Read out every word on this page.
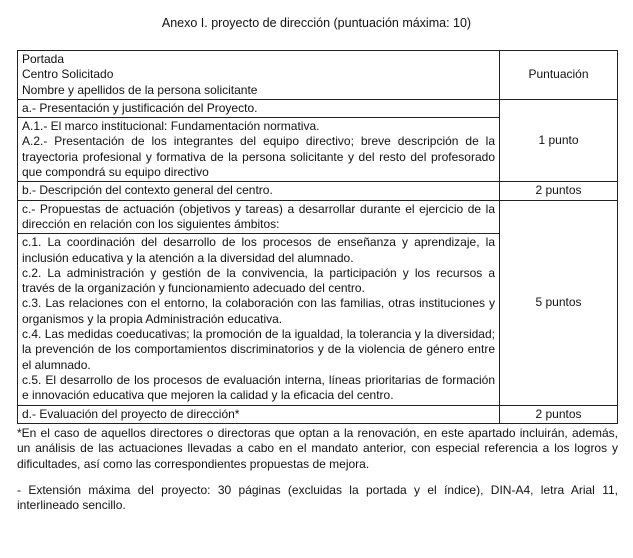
Anexo I. proyecto de dirección (puntuación máxima: 10)

Portada

Centro Solicitado

Nombre y apellidos de la persona solicitante	Puntuación
a.- Presentación y justificación del Proyecto.	1 punto

A.1.- El marco institucional: Fundamentación normativa.

A.2.- Presentación de los integrantes del equipo directivo; breve descripción de la trayectoria profesional y formativa de la persona solicitante y del resto del profesorado que compondrá su equipo directivo	

b.- Descripción del contexto general del centro.	2 puntos
c.- Propuestas de actuación (objetivos y tareas) a desarrollar durante el ejercicio de la dirección en relación con los siguientes ámbitos:	5 puntos

c.1. La coordinación del desarrollo de los procesos de enseñanza y aprendizaje, la inclusión educativa y la atención a la diversidad del alumnado.

c.2. La administración y gestión de la convivencia, la participación y los recursos a través de la organización y funcionamiento adecuado del centro.

c.3. Las relaciones con el entorno, la colaboración con las familias, otras instituciones y organismos y la propia Administración educativa.

c.4. Las medidas coeducativas; la promoción de la igualdad, la tolerancia y la diversidad; la prevención de los comportamientos discriminatorios y de la violencia de género entre el alumnado.

c.5. El desarrollo de los procesos de evaluación interna, líneas prioritarias de formación e innovación educativa que mejoren la calidad y la eficacia del centro.	

d.- Evaluación del proyecto de dirección*	2 puntos

*En el caso de aquellos directores o directoras que optan a la renovación, en este apartado incluirán, además, un análisis de las actuaciones llevadas a cabo en el mandato anterior, con especial referencia a los logros y dificultades, así como las correspondientes propuestas de mejora.

- Extensión máxima del proyecto: 30 páginas (excluidas la portada y el índice), DIN-A4, letra Arial 11, interlineado sencillo.
